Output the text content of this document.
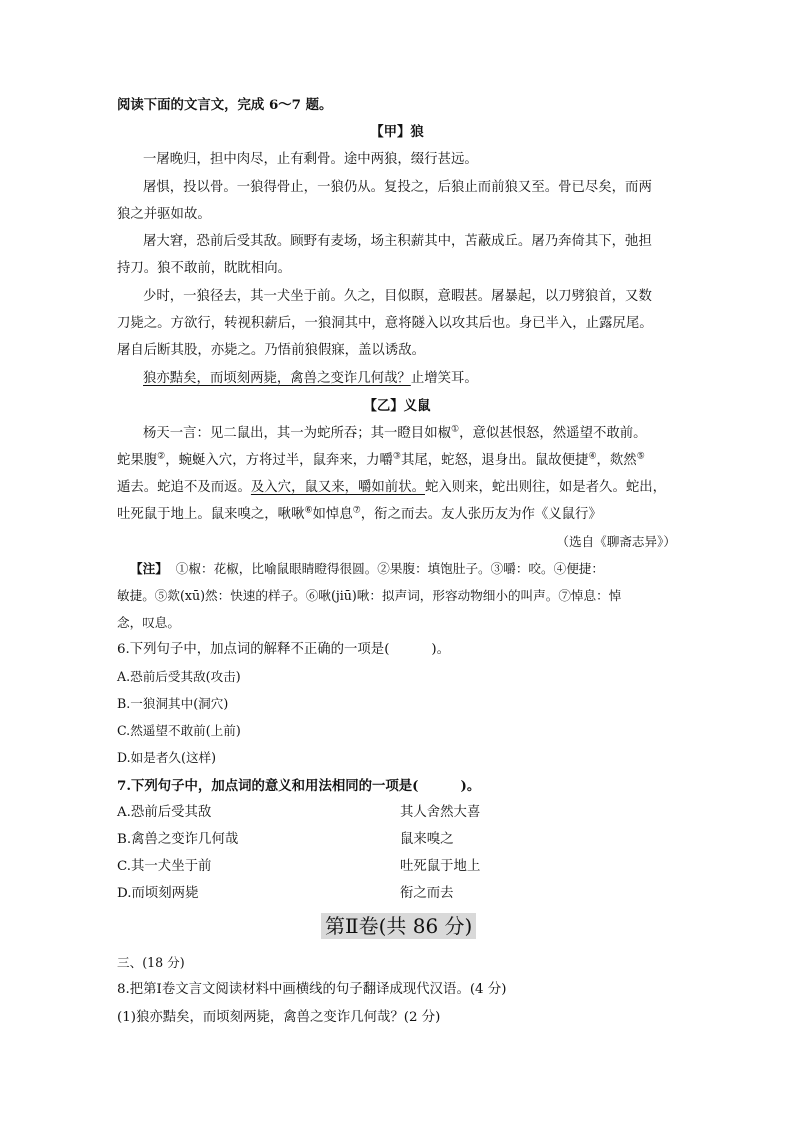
阅读下面的文言文，完成 6～7 题。
【甲】狼
一屠晚归，担中肉尽，止有剩骨。途中两狼，缀行甚远。
屠惧，投以骨。一狼得骨止，一狼仍从。复投之，后狼止而前狼又至。骨已尽矣，而两
狼之并驱如故。
屠大窘，恐前后受其敌。顾野有麦场，场主积薪其中，苫蔽成丘。屠乃奔倚其下，弛担
持刀。狼不敢前，眈眈相向。
少时，一狼径去，其一犬坐于前。久之，目似瞑，意暇甚。屠暴起，以刀劈狼首，又数
刀毙之。方欲行，转视积薪后，一狼洞其中，意将隧入以攻其后也。身已半入，止露尻尾。
屠自后断其股，亦毙之。乃悟前狼假寐，盖以诱敌。
狼亦黠矣，而顷刻两毙，禽兽之变诈几何哉？止增笑耳。
【乙】义鼠
杨天一言：见二鼠出，其一为蛇所吞；其一瞪目如椒①，意似甚恨怒，然遥望不敢前。
蛇果腹②，蜿蜒入穴，方将过半，鼠奔来，力嚼③其尾，蛇怒，退身出。鼠故便捷④，欻然⑤
遁去。蛇追不及而返。及入穴，鼠又来，嚼如前状。蛇入则来，蛇出则往，如是者久。蛇出，
吐死鼠于地上。鼠来嗅之，啾啾⑥如悼息⑦，衔之而去。友人张历友为作《义鼠行》
（选自《聊斋志异》）
【注】 ①椒：花椒，比喻鼠眼睛瞪得很圆。②果腹：填饱肚子。③嚼：咬。④便捷：
敏捷。⑤欻(xū)然：快速的样子。⑥啾(jiū)啾：拟声词，形容动物细小的叫声。⑦悼息：悼
念，叹息。
6.下列句子中，加点词的解释不正确的一项是(	)。
A.恐前后受其敌(攻击)
B.一狼洞其中(洞穴)
C.然遥望不敢前(上前)
D.如是者久(这样)
7.下列句子中，加点词的意义和用法相同的一项是(	)。
A.恐前后受其敌	其人舍然大喜
B.禽兽之变诈几何哉	鼠来嗅之
C.其一犬坐于前	吐死鼠于地上
D.而顷刻两毙	衔之而去
第Ⅱ卷(共 86 分)
三、(18 分)
8.把第Ⅰ卷文言文阅读材料中画横线的句子翻译成现代汉语。(4 分)
(1)狼亦黠矣，而顷刻两毙，禽兽之变诈几何哉？(2 分)
